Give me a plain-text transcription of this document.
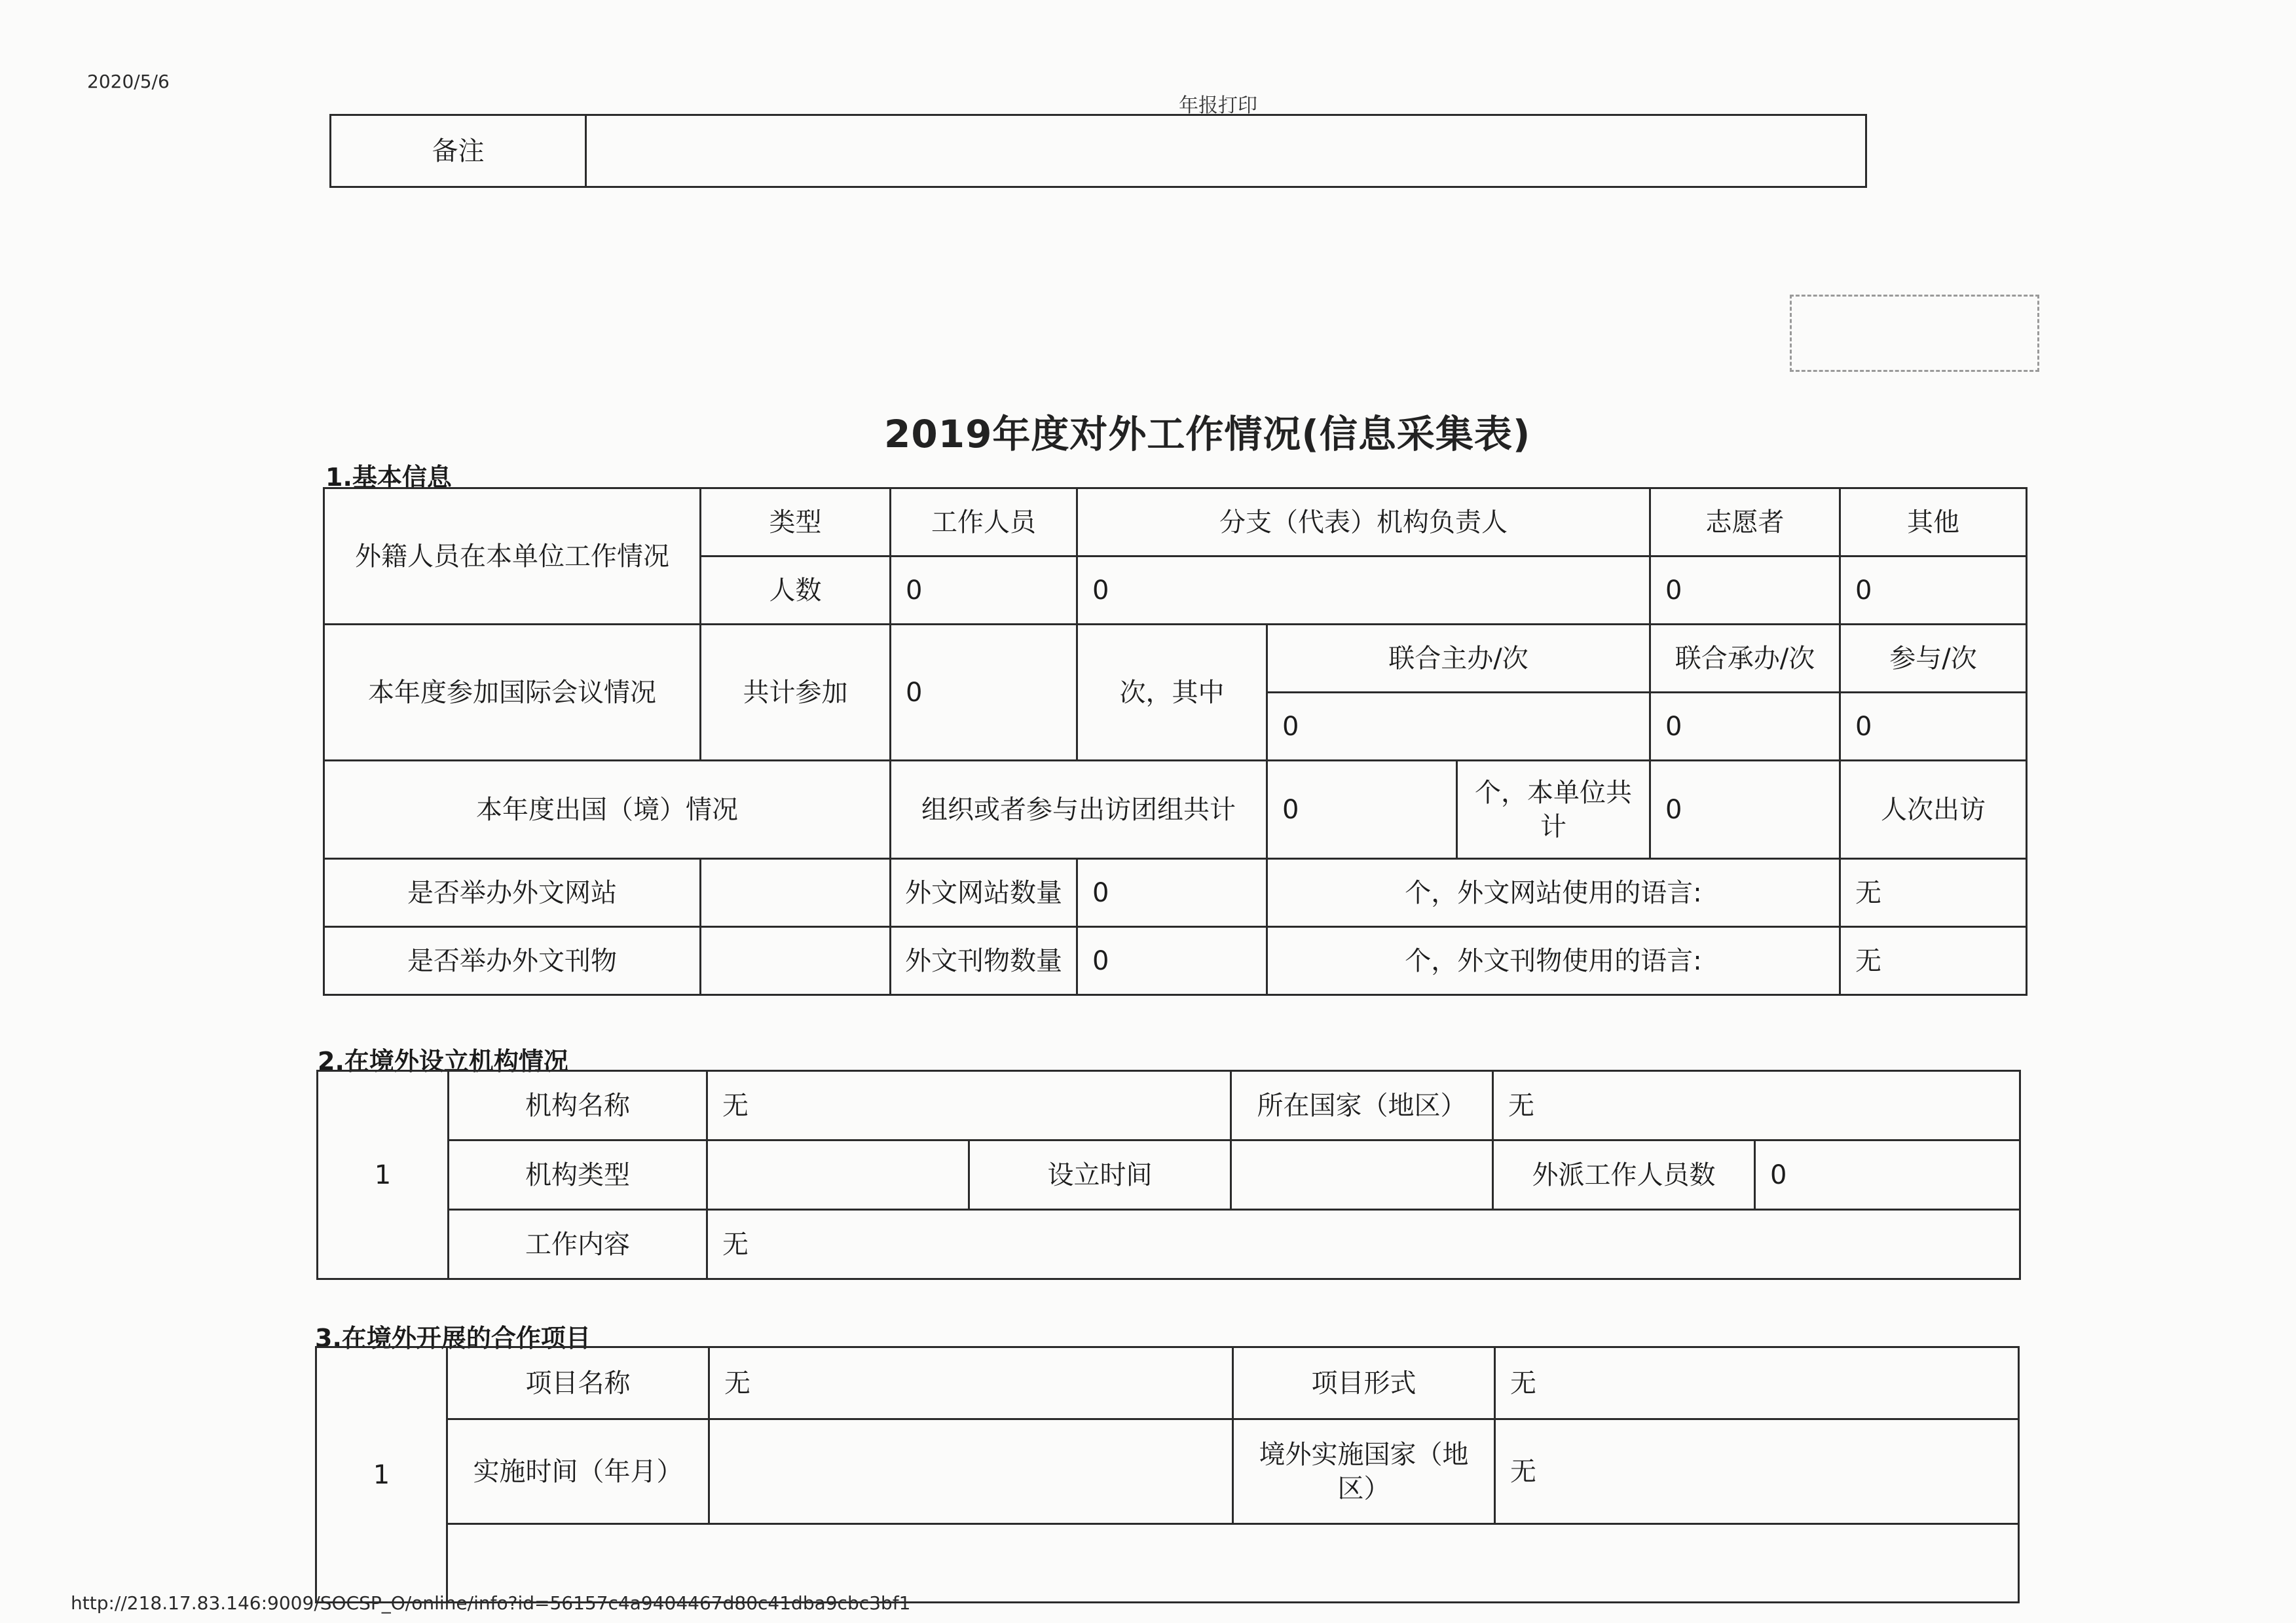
2020/5/6
年报打印
备注	
2019年度对外工作情况(信息采集表)
1.基本信息
外籍人员在本单位工作情况	类型	工作人员	分支（代表）机构负责人			志愿者	其他
	人数	0	0			0	0
本年度参加国际会议情况	共计参加	0	次，其中	联合主办/次		联合承办/次	参与/次
				0		0	0
本年度出国（境）情况		组织或者参与出访团组共计		0	个，本单位共计	0	人次出访
是否举办外文网站		外文网站数量	0	个，外文网站使用的语言:			无
是否举办外文刊物		外文刊物数量	0	个，外文刊物使用的语言:			无
2.在境外设立机构情况
1	机构名称	无		所在国家（地区）	无	
	机构类型		设立时间		外派工作人员数	0
	工作内容	无				
3.在境外开展的合作项目
1	项目名称	无	项目形式	无
	实施时间（年月）		境外实施国家（地区）	无

http://218.17.83.146:9009/SOCSP_O/online/info?id=56157c4a9404467d80c41dba9cbc3bf1
